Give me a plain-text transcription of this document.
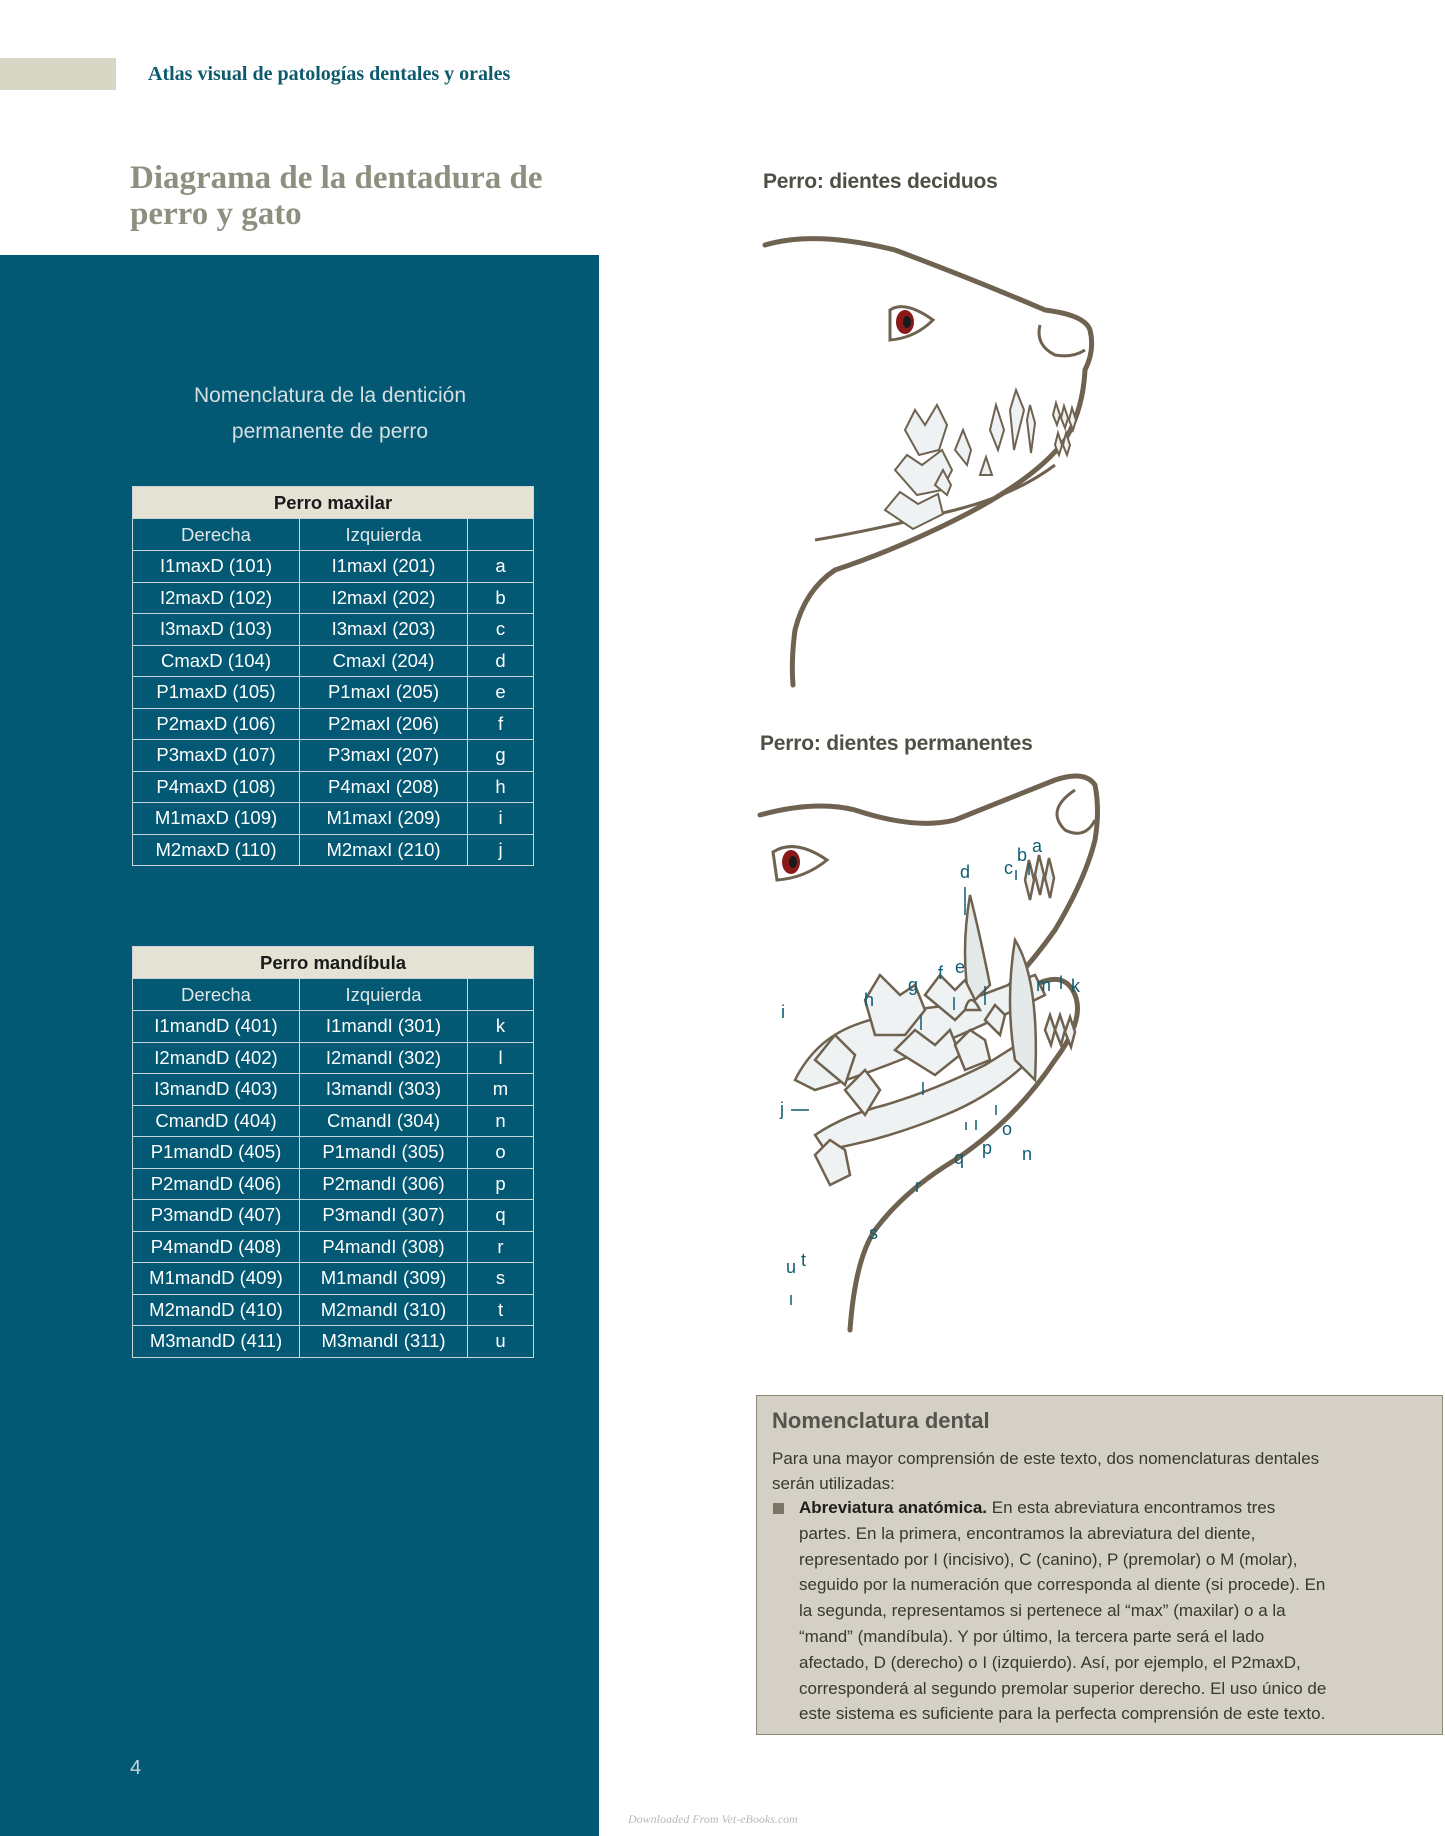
Atlas visual de patologías dentales y orales
Diagrama de la dentadura de perro y gato
Nomenclatura de la dentición
permanente de perro
Perro maxilar		
Derecha	Izquierda	
I1maxD (101)	I1maxI (201)	a
I2maxD (102)	I2maxI (202)	b
I3maxD (103)	I3maxI (203)	c
CmaxD (104)	CmaxI (204)	d
P1maxD (105)	P1maxI (205)	e
P2maxD (106)	P2maxI (206)	f
P3maxD (107)	P3maxI (207)	g
P4maxD (108)	P4maxI (208)	h
M1maxD (109)	M1maxI (209)	i
M2maxD (110)	M2maxI (210)	j
Perro mandíbula		
Derecha	Izquierda	
I1mandD (401)	I1mandI (301)	k
I2mandD (402)	I2mandI (302)	l
I3mandD (403)	I3mandI (303)	m
CmandD (404)	CmandI (304)	n
P1mandD (405)	P1mandI (305)	o
P2mandD (406)	P2mandI (306)	p
P3mandD (407)	P3mandI (307)	q
P4mandD (408)	P4mandI (308)	r
M1mandD (409)	M1mandI (309)	s
M2mandD (410)	M2mandI (310)	t
M3mandD (411)	M3mandI (311)	u
4
Perro: dientes deciduos
Perro: dientes permanentes
a
b
c
d
e
f
g
h
i
j
k
l
m
n
o
p
q
r
s
t
u
Nomenclatura dental
Para una mayor comprensión de este texto, dos nomenclaturas dentales serán utilizadas:
Abreviatura anatómica. En esta abreviatura encontramos tres partes. En la primera, encontramos la abreviatura del diente, representado por I (incisivo), C (canino), P (premolar) o M (molar), seguido por la numeración que corresponda al diente (si procede). En la segunda, representamos si pertenece al “max” (maxilar) o a la “mand” (mandíbula). Y por último, la tercera parte será el lado afectado, D (derecho) o I (izquierdo). Así, por ejemplo, el P2maxD, corresponderá al segundo premolar superior derecho. El uso único de este sistema es suficiente para la perfecta comprensión de este texto.
Downloaded From Vet-eBooks.com
